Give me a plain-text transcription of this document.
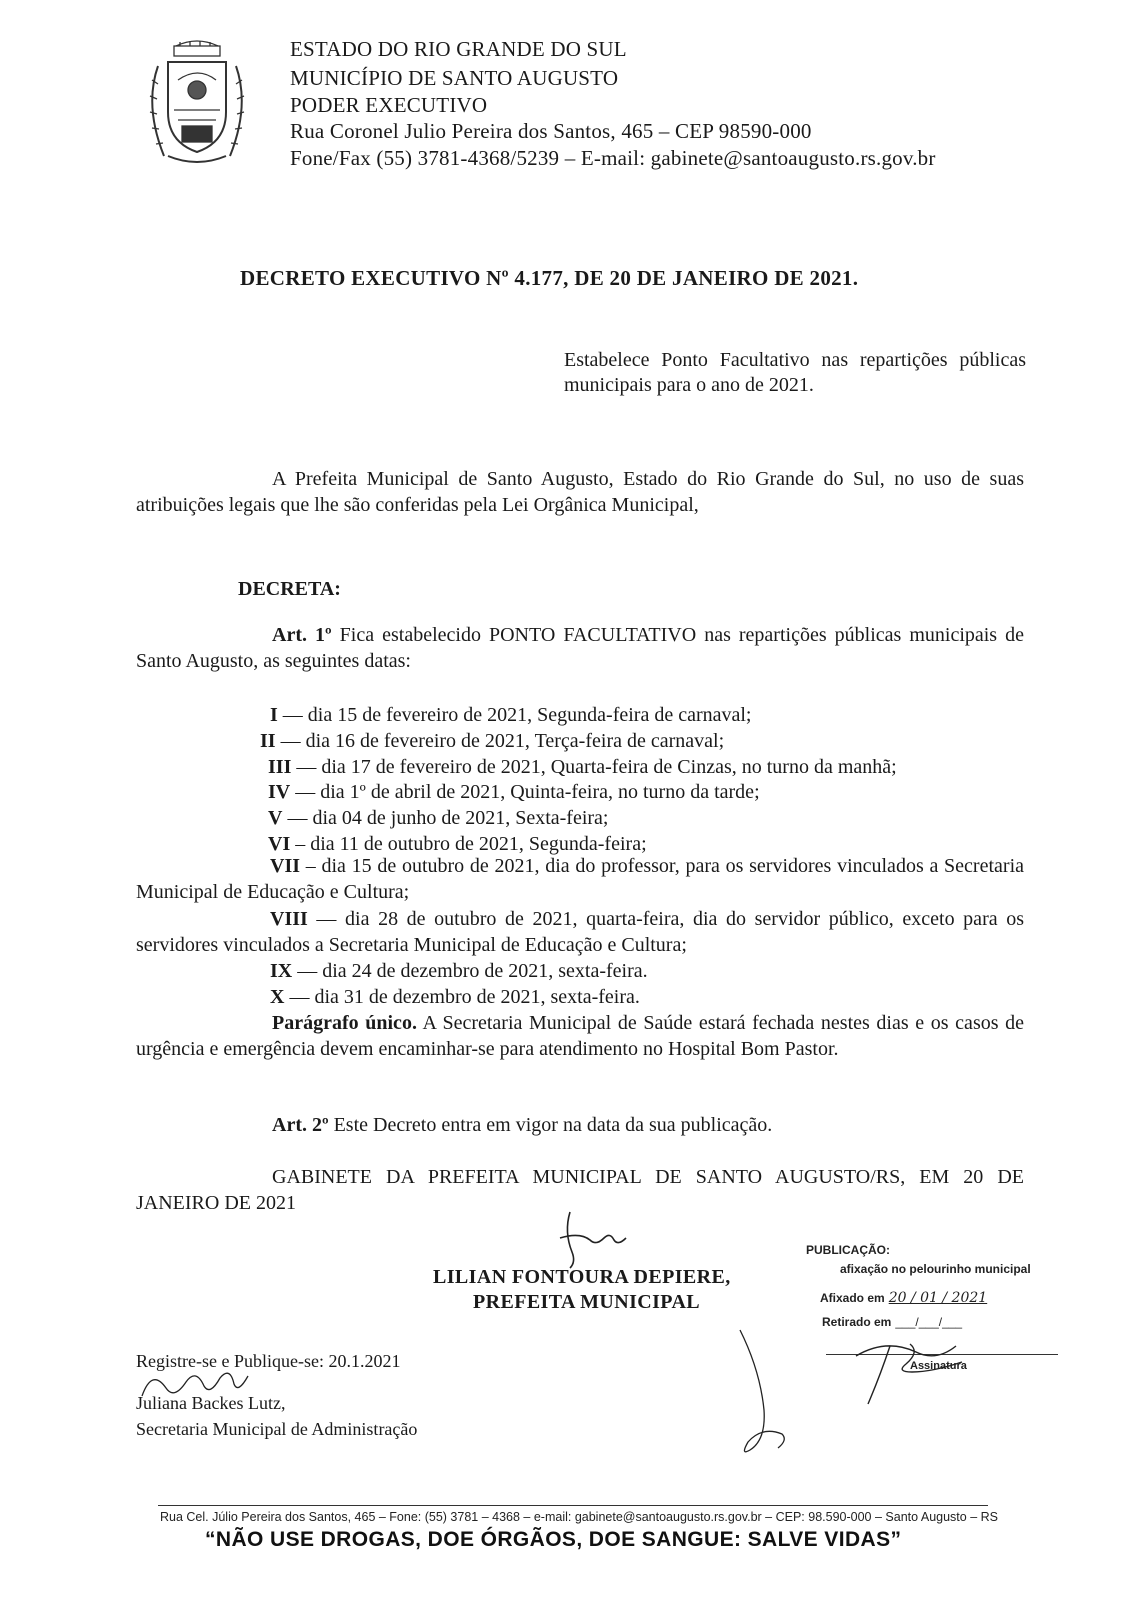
ESTADO DO RIO GRANDE DO SUL
MUNICÍPIO DE SANTO AUGUSTO
PODER EXECUTIVO
Rua Coronel Julio Pereira dos Santos, 465 – CEP 98590-000
Fone/Fax (55) 3781-4368/5239 – E-mail: gabinete@santoaugusto.rs.gov.br
DECRETO EXECUTIVO Nº 4.177, DE 20 DE JANEIRO DE 2021.
Estabelece Ponto Facultativo nas repartições públicas municipais para o ano de 2021.
A Prefeita Municipal de Santo Augusto, Estado do Rio Grande do Sul, no uso de suas atribuições legais que lhe são conferidas pela Lei Orgânica Municipal,
DECRETA:
Art. 1º Fica estabelecido PONTO FACULTATIVO nas repartições públicas municipais de Santo Augusto, as seguintes datas:
I — dia 15 de fevereiro de 2021, Segunda-feira de carnaval;
II — dia 16 de fevereiro de 2021, Terça-feira de carnaval;
III — dia 17 de fevereiro de 2021, Quarta-feira de Cinzas, no turno da manhã;
IV — dia 1º de abril de 2021, Quinta-feira, no turno da tarde;
V — dia 04 de junho de 2021, Sexta-feira;
VI – dia 11 de outubro de 2021, Segunda-feira;
VII – dia 15 de outubro de 2021, dia do professor, para os servidores vinculados a Secretaria Municipal de Educação e Cultura;
VIII — dia 28 de outubro de 2021, quarta-feira, dia do servidor público, exceto para os servidores vinculados a Secretaria Municipal de Educação e Cultura;
IX — dia 24 de dezembro de 2021, sexta-feira.
X — dia 31 de dezembro de 2021, sexta-feira.
Parágrafo único. A Secretaria Municipal de Saúde estará fechada nestes dias e os casos de urgência e emergência devem encaminhar-se para atendimento no Hospital Bom Pastor.
Art. 2º Este Decreto entra em vigor na data da sua publicação.
GABINETE DA PREFEITA MUNICIPAL DE SANTO AUGUSTO/RS, EM 20 DE JANEIRO DE 2021
LILIAN FONTOURA DEPIERE,
PREFEITA MUNICIPAL
PUBLICAÇÃO:
afixação no pelourinho municipal
Afixado em 20 / 01 / 2021
Retirado em ___/___/___
Assinatura
Registre-se e Publique-se: 20.1.2021
Juliana Backes Lutz,
Secretaria Municipal de Administração
Rua Cel. Júlio Pereira dos Santos, 465 – Fone: (55) 3781 – 4368 – e-mail: gabinete@santoaugusto.rs.gov.br – CEP: 98.590-000 – Santo Augusto – RS
“NÃO USE DROGAS, DOE ÓRGÃOS, DOE SANGUE: SALVE VIDAS”
